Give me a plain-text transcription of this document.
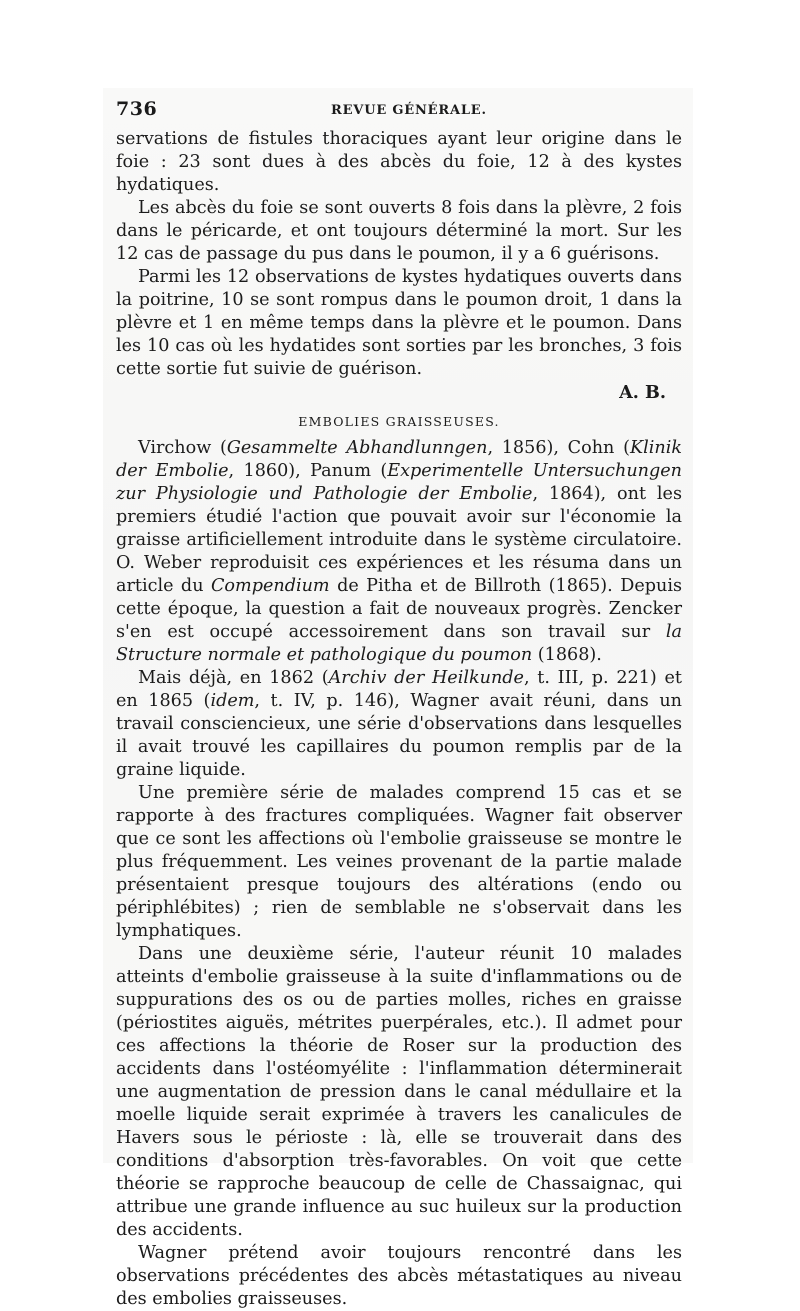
736	REVUE GÉNÉRALE.

servations de fistules thoraciques ayant leur origine dans le foie : 23 sont dues à des abcès du foie, 12 à des kystes hydatiques.

Les abcès du foie se sont ouverts 8 fois dans la plèvre, 2 fois dans le péricarde, et ont toujours déterminé la mort. Sur les 12 cas de passage du pus dans le poumon, il y a 6 guérisons.

Parmi les 12 observations de kystes hydatiques ouverts dans la poitrine, 10 se sont rompus dans le poumon droit, 1 dans la plèvre et 1 en même temps dans la plèvre et le poumon. Dans les 10 cas où les hydatides sont sorties par les bronches, 3 fois cette sortie fut suivie de guérison.

A. B.

EMBOLIES GRAISSEUSES.

Virchow (Gesammelte Abhandlunngen, 1856), Cohn (Klinik der Embolie, 1860), Panum (Experimentelle Untersuchungen zur Physiologie und Pathologie der Embolie, 1864), ont les premiers étudié l'action que pouvait avoir sur l'économie la graisse artificiellement introduite dans le système circulatoire. O. Weber reproduisit ces expériences et les résuma dans un article du Compendium de Pitha et de Billroth (1865). Depuis cette époque, la question a fait de nouveaux progrès. Zencker s'en est occupé accessoirement dans son travail sur la Structure normale et pathologique du poumon (1868).

Mais déjà, en 1862 (Archiv der Heilkunde, t. III, p. 221) et en 1865 (idem, t. IV, p. 146), Wagner avait réuni, dans un travail consciencieux, une série d'observations dans lesquelles il avait trouvé les capillaires du poumon remplis par de la graine liquide.

Une première série de malades comprend 15 cas et se rapporte à des fractures compliquées. Wagner fait observer que ce sont les affections où l'embolie graisseuse se montre le plus fréquemment. Les veines provenant de la partie malade présentaient presque toujours des altérations (endo ou périphlébites) ; rien de semblable ne s'observait dans les lymphatiques.

Dans une deuxième série, l'auteur réunit 10 malades atteints d'embolie graisseuse à la suite d'inflammations ou de suppurations des os ou de parties molles, riches en graisse (périostites aiguës, métrites puerpérales, etc.). Il admet pour ces affections la théorie de Roser sur la production des accidents dans l'ostéomyélite : l'inflammation déterminerait une augmentation de pression dans le canal médullaire et la moelle liquide serait exprimée à travers les canalicules de Havers sous le périoste : là, elle se trouverait dans des conditions d'absorption très-favorables. On voit que cette théorie se rapproche beaucoup de celle de Chassaignac, qui attribue une grande influence au suc huileux sur la production des accidents.

Wagner prétend avoir toujours rencontré dans les observations précédentes des abcès métastatiques au niveau des embolies graisseuses.
